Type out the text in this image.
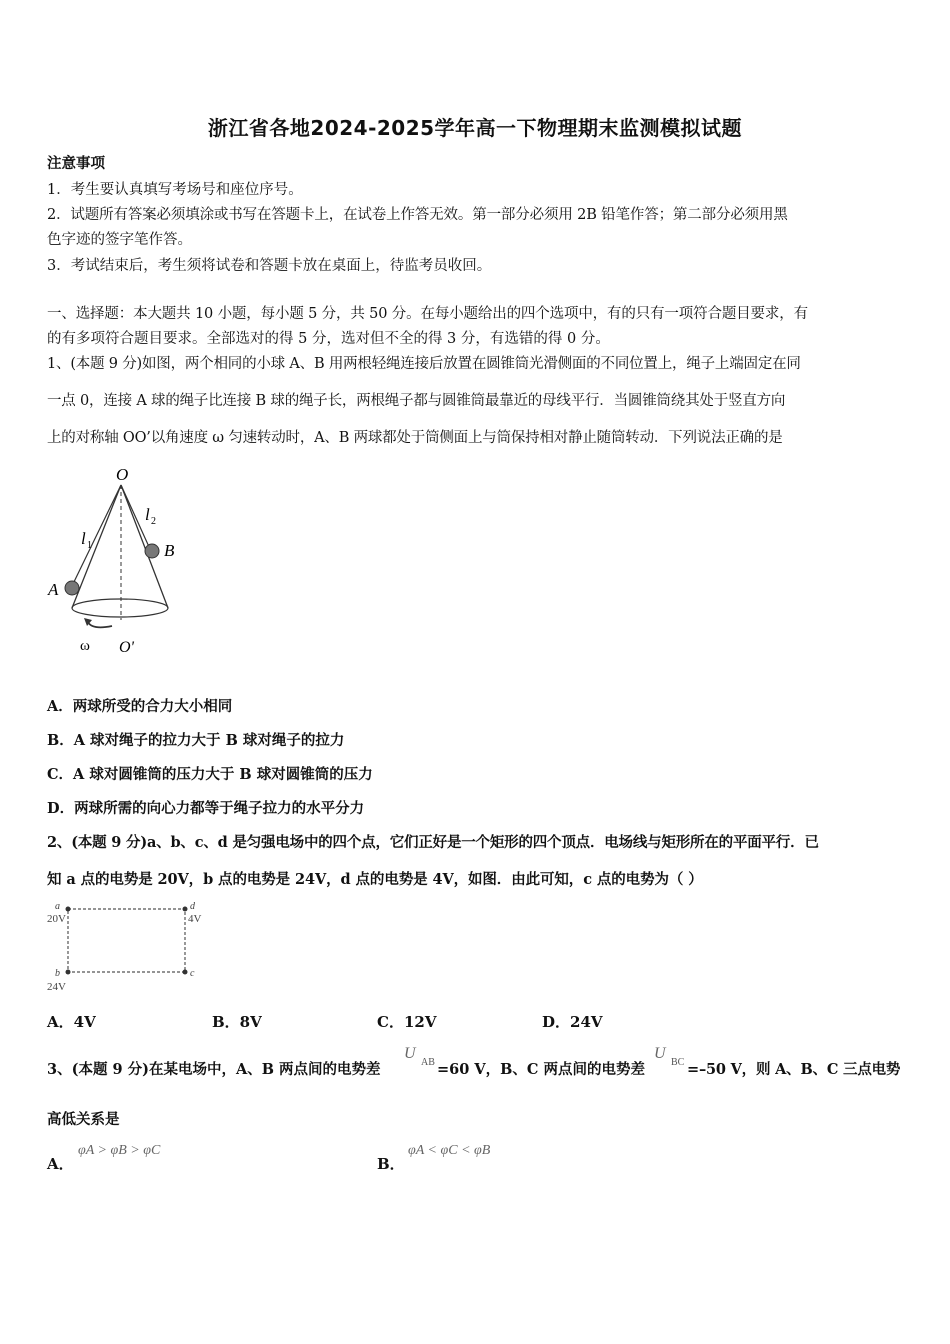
浙江省各地2024-2025学年高一下物理期末监测模拟试题
注意事项
1．考生要认真填写考场号和座位序号。
2．试题所有答案必须填涂或书写在答题卡上，在试卷上作答无效。第一部分必须用 2B 铅笔作答；第二部分必须用黑
色字迹的签字笔作答。
3．考试结束后，考生须将试卷和答题卡放在桌面上，待监考员收回。
一、选择题：本大题共 10 小题，每小题 5 分，共 50 分。在每小题给出的四个选项中，有的只有一项符合题目要求，有
的有多项符合题目要求。全部选对的得 5 分，选对但不全的得 3 分，有选错的得 0 分。
1、(本题 9 分)如图，两个相同的小球 A、B 用两根轻绳连接后放置在圆锥筒光滑侧面的不同位置上，绳子上端固定在同
一点 0，连接 A 球的绳子比连接 B 球的绳子长，两根绳子都与圆锥筒最靠近的母线平行．当圆锥筒绕其处于竖直方向
上的对称轴 OO’以角速度 ω 匀速转动时，A、B 两球都处于筒侧面上与筒保持相对静止随筒转动．下列说法正确的是
O
l 1
l 2
A
B
ω O'
A．两球所受的合力大小相同
B．A 球对绳子的拉力大于 B 球对绳子的拉力
C．A 球对圆锥筒的压力大于 B 球对圆锥筒的压力
D．两球所需的向心力都等于绳子拉力的水平分力
2、(本题 9 分)a、b、c、d 是匀强电场中的四个点，它们正好是一个矩形的四个顶点．电场线与矩形所在的平面平行．已
知 a 点的电势是 20V，b 点的电势是 24V，d 点的电势是 4V，如图．由此可知，c 点的电势为（ ）
a
20V
d
4V
b
24V
c
A．4V	B．8V	C．12V	D．24V
3、(本题 9 分)在某电场中，A、B 两点间的电势差
U
AB =60 V，B、C 两点间的电势差
U
BC =–50 V，则 A、B、C 三点电势
高低关系是
A．
φA > φB > φC
B．
φA < φC < φB
